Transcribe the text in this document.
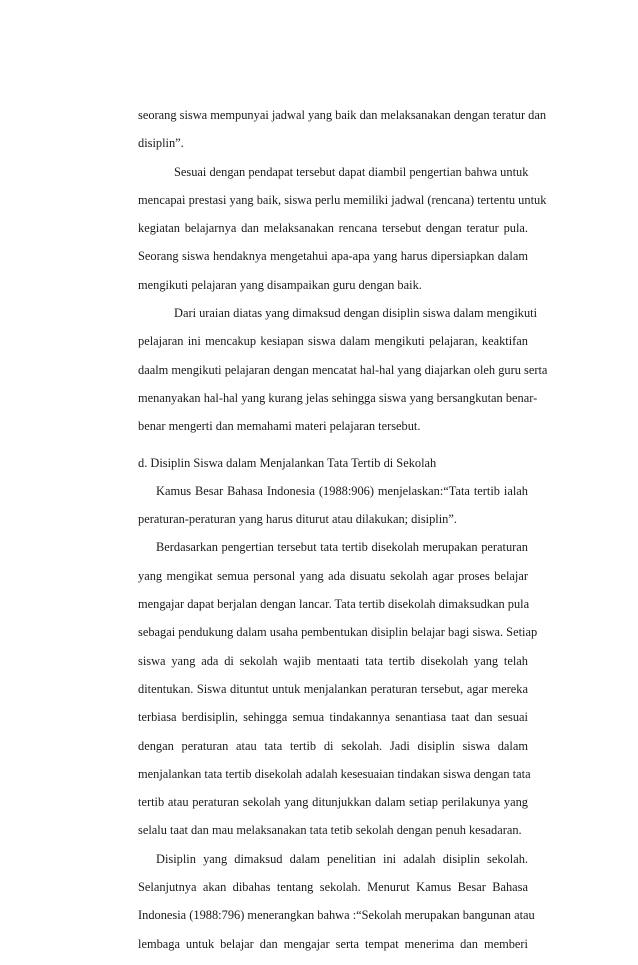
seorang siswa mempunyai jadwal yang baik dan melaksanakan dengan teratur dan
disiplin”.
Sesuai dengan pendapat tersebut dapat diambil pengertian bahwa untuk
mencapai prestasi yang baik, siswa perlu memiliki jadwal (rencana) tertentu untuk
kegiatan belajarnya dan melaksanakan rencana tersebut dengan teratur pula.
Seorang siswa hendaknya mengetahui apa-apa yang harus dipersiapkan dalam
mengikuti pelajaran yang disampaikan guru dengan baik.
Dari uraian diatas yang dimaksud dengan disiplin siswa dalam mengikuti
pelajaran ini mencakup kesiapan siswa dalam mengikuti pelajaran, keaktifan
daalm mengikuti pelajaran dengan mencatat hal-hal yang diajarkan oleh guru serta
menanyakan hal-hal yang kurang jelas sehingga siswa yang bersangkutan benar-
benar mengerti dan memahami materi pelajaran tersebut.
d. Disiplin Siswa dalam Menjalankan Tata Tertib di Sekolah
Kamus Besar Bahasa Indonesia (1988:906) menjelaskan:“Tata tertib ialah
peraturan-peraturan yang harus diturut atau dilakukan; disiplin”.
Berdasarkan pengertian tersebut tata tertib disekolah merupakan peraturan
yang mengikat semua personal yang ada disuatu sekolah agar proses belajar
mengajar dapat berjalan dengan lancar. Tata tertib disekolah dimaksudkan pula
sebagai pendukung dalam usaha pembentukan disiplin belajar bagi siswa. Setiap
siswa yang ada di sekolah wajib mentaati tata tertib disekolah yang telah
ditentukan. Siswa dituntut untuk menjalankan peraturan tersebut, agar mereka
terbiasa berdisiplin, sehingga semua tindakannya senantiasa taat dan sesuai
dengan peraturan atau tata tertib di sekolah. Jadi disiplin siswa dalam
menjalankan tata tertib disekolah adalah kesesuaian tindakan siswa dengan tata
tertib atau peraturan sekolah yang ditunjukkan dalam setiap perilakunya yang
selalu taat dan mau melaksanakan tata tetib sekolah dengan penuh kesadaran.
Disiplin yang dimaksud dalam penelitian ini adalah disiplin sekolah.
Selanjutnya akan dibahas tentang sekolah. Menurut Kamus Besar Bahasa
Indonesia (1988:796) menerangkan bahwa :“Sekolah merupakan bangunan atau
lembaga untuk belajar dan mengajar serta tempat menerima dan memberi
